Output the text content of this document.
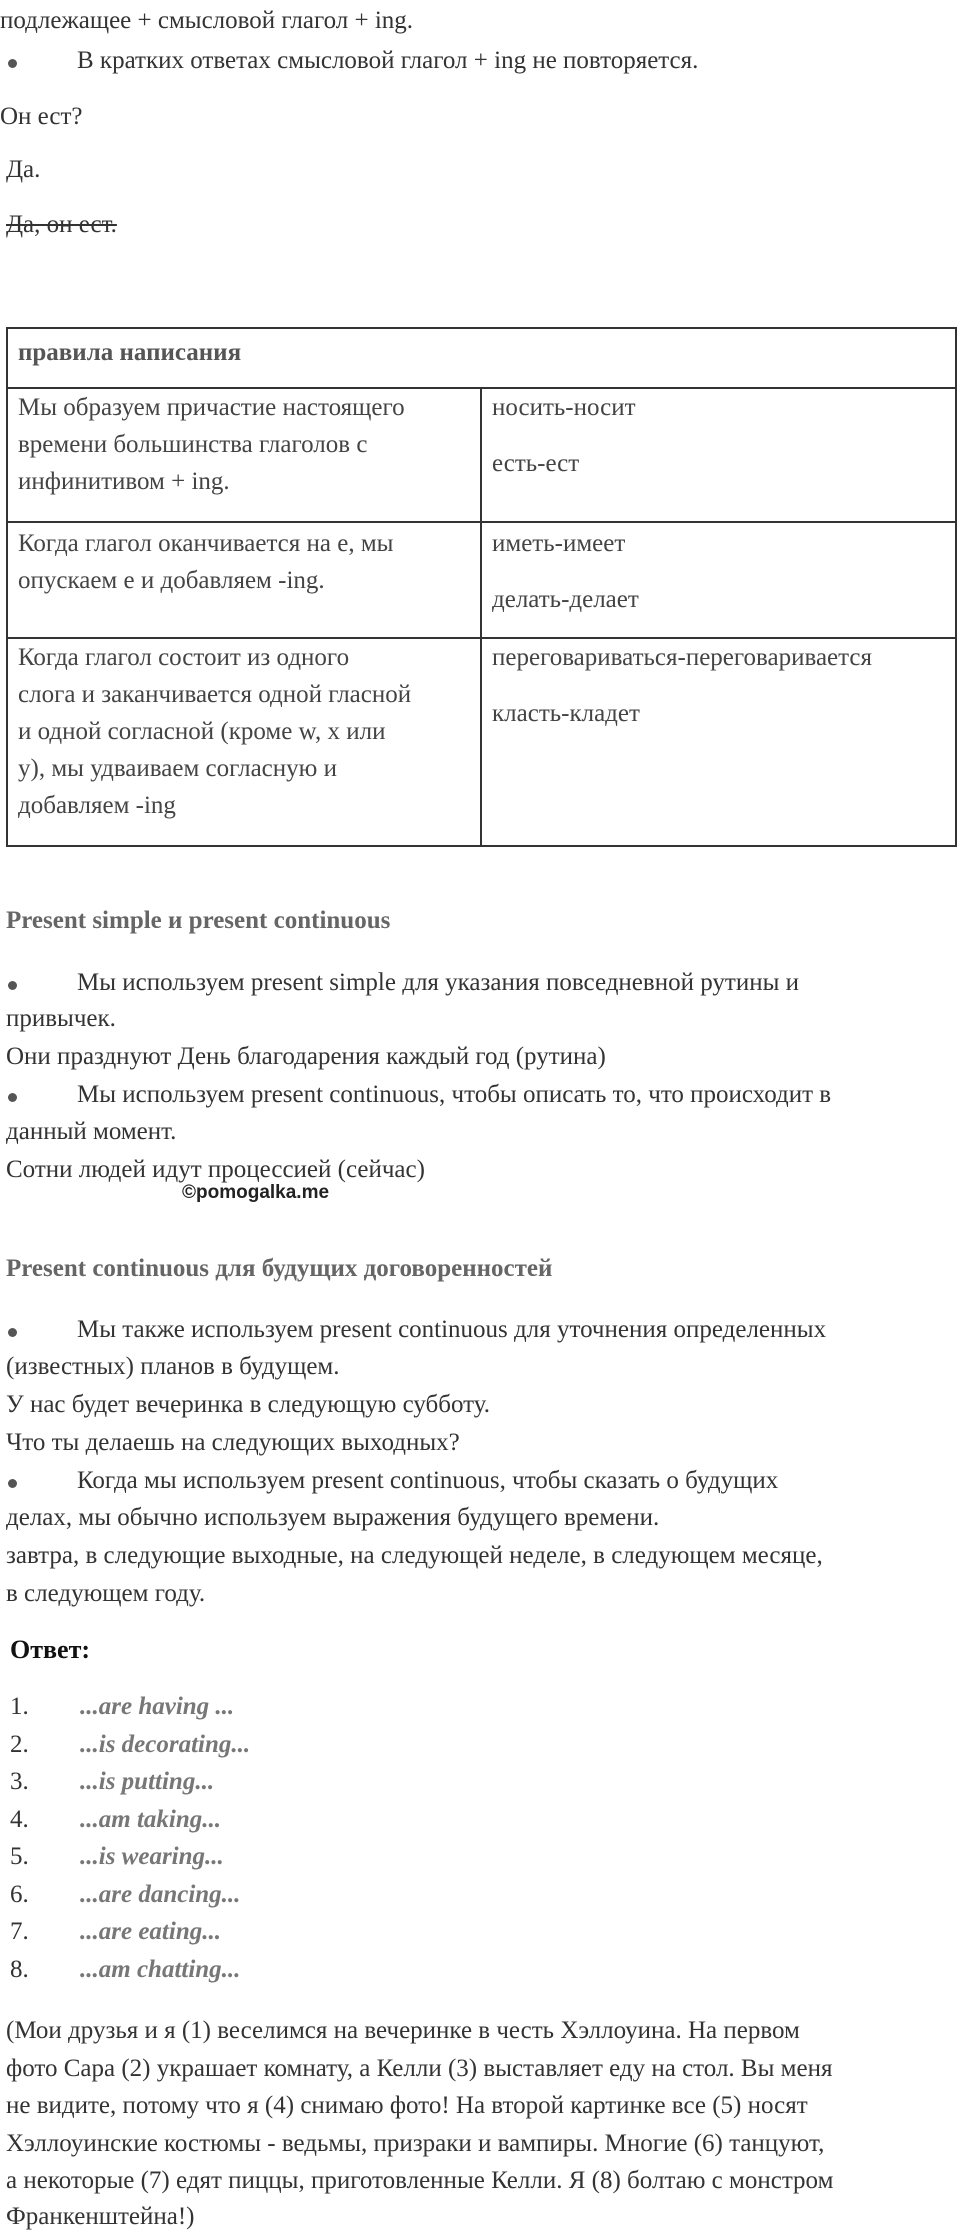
подлежащее + смысловой глагол + ing.
В кратких ответах смысловой глагол + ing не повторяется.
Он ест?
Да.
Да, он ест.
правила написания
Мы образуем причастие настоящего
времени большинства глаголов с
инфинитивом + ing.
носить-носит
есть-ест
Когда глагол оканчивается на е, мы
опускаем е и добавляем -ing.
иметь-имеет
делать-делает
Когда глагол состоит из одного
слога и заканчивается одной гласной
и одной согласной (кроме w, x или
y), мы удваиваем согласную и
добавляем -ing
переговариваться-переговаривается
класть-кладет
Present simple и present continuous
Мы используем present simple для указания повседневной рутины и
привычек.
Они празднуют День благодарения каждый год (рутина)
Мы используем present continuous, чтобы описать то, что происходит в
данный момент.
Сотни людей идут процессией (сейчас)
©pomogalka.me
Present continuous для будущих договоренностей
Мы также используем present continuous для уточнения определенных
(известных) планов в будущем.
У нас будет вечеринка в следующую субботу.
Что ты делаешь на следующих выходных?
Когда мы используем present continuous, чтобы сказать о будущих
делах, мы обычно используем выражения будущего времени.
завтра, в следующие выходные, на следующей неделе, в следующем месяце,
в следующем году.
Ответ:
1. ...are having ...
2. ...is decorating...
3. ...is putting...
4. ...am taking...
5. ...is wearing...
6. ...are dancing...
7. ...are eating...
8. ...am chatting...
(Мои друзья и я (1) веселимся на вечеринке в честь Хэллоуина. На первом
фото Сара (2) украшает комнату, а Келли (3) выставляет еду на стол. Вы меня
не видите, потому что я (4) снимаю фото! На второй картинке все (5) носят
Хэллоуинские костюмы - ведьмы, призраки и вампиры. Многие (6) танцуют,
а некоторые (7) едят пиццы, приготовленные Келли. Я (8) болтаю с монстром
Франкенштейна!)
